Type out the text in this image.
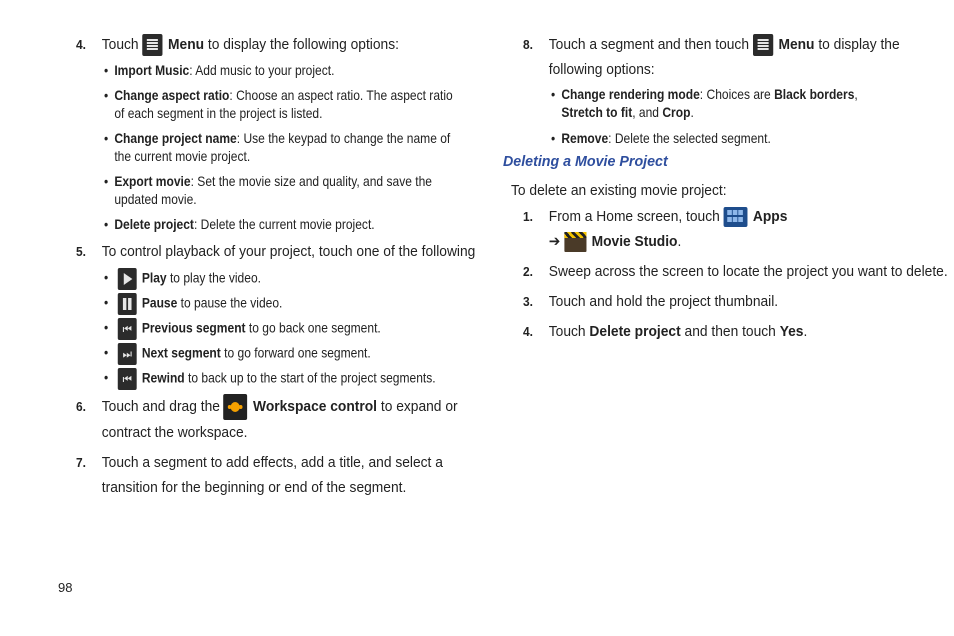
4. Touch Menu to display the following options:
• Import Music: Add music to your project.
• Change aspect ratio: Choose an aspect ratio. The aspect ratio of each segment in the project is listed.
• Change project name: Use the keypad to change the name of the current movie project.
• Export movie: Set the movie size and quality, and save the updated movie.
• Delete project: Delete the current movie project.
5. To control playback of your project, touch one of the following
• Play to play the video.
• Pause to pause the video.
• ⏮ Previous segment to go back one segment.
• ⏭ Next segment to go forward one segment.
• ⏮ Rewind to back up to the start of the project segments.
6. Touch and drag the Workspace control to expand or contract the workspace.
7. Touch a segment to add effects, add a title, and select a transition for the beginning or end of the segment.
8. Touch a segment and then touch Menu to display the following options:
• Change rendering mode: Choices are Black borders, Stretch to fit, and Crop.
• Remove: Delete the selected segment.
Deleting a Movie Project
To delete an existing movie project:
1. From a Home screen, touch Apps
➔ Movie Studio.
2. Sweep across the screen to locate the project you want to delete.
3. Touch and hold the project thumbnail.
4. Touch Delete project and then touch Yes.
98
